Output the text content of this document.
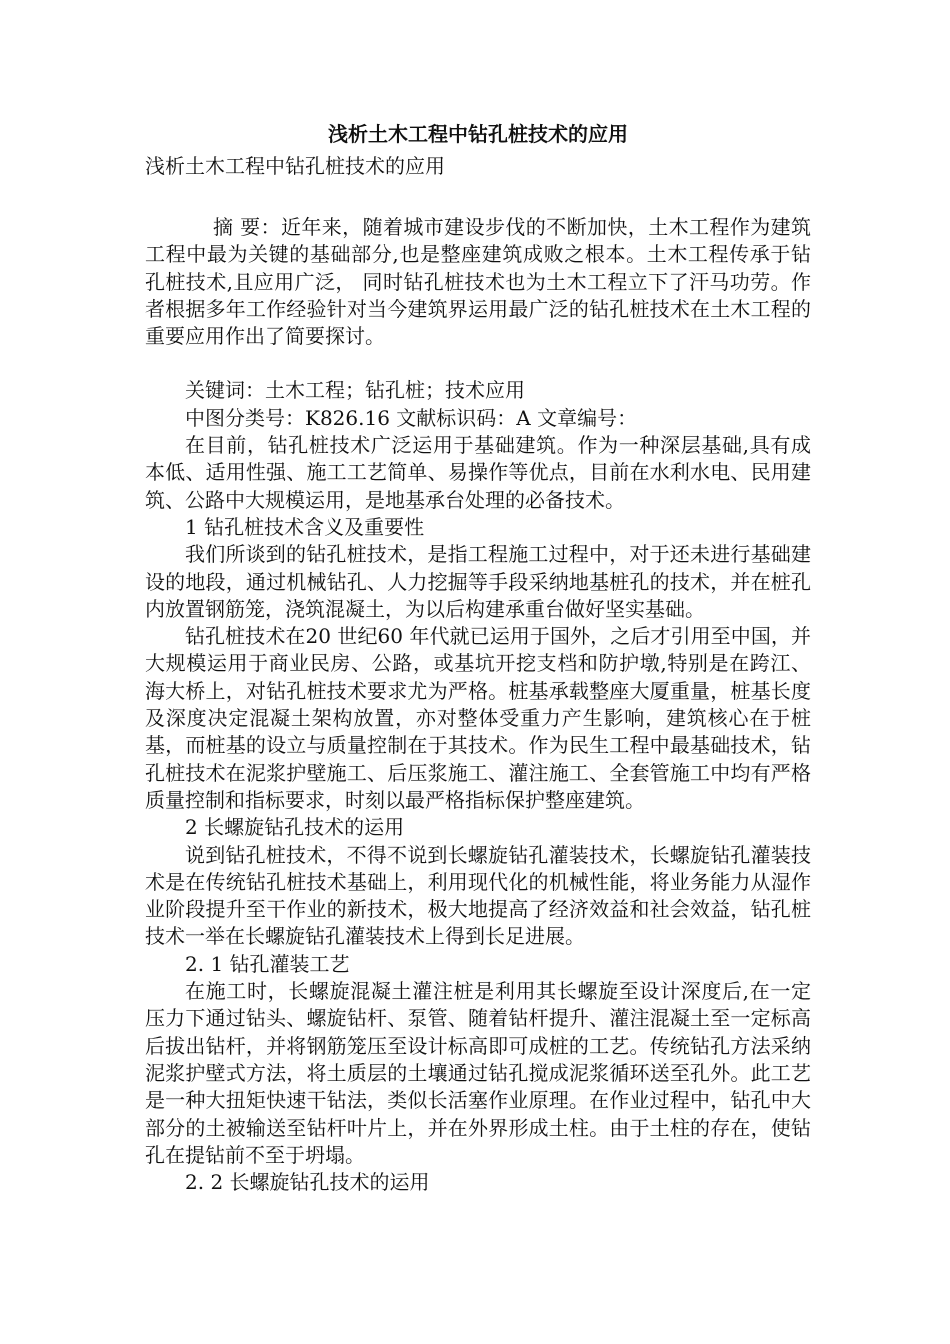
浅析土木工程中钻孔桩技术的应用
浅析土木工程中钻孔桩技术的应用

摘 要：近年来，随着城市建设步伐的不断加快，土木工程作为建筑工程中最为关键的基础部分,也是整座建筑成败之根本。土木工程传承于钻孔桩技术,且应用广泛， 同时钻孔桩技术也为土木工程立下了汗马功劳。作者根据多年工作经验针对当今建筑界运用最广泛的钻孔桩技术在土木工程的重要应用作出了简要探讨。

关键词：土木工程；钻孔桩；技术应用

中图分类号：K826.16 文献标识码：A 文章编号：

在目前，钻孔桩技术广泛运用于基础建筑。作为一种深层基础,具有成本低、适用性强、施工工艺简单、易操作等优点，目前在水利水电、民用建筑、公路中大规模运用，是地基承台处理的必备技术。

1 钻孔桩技术含义及重要性

我们所谈到的钻孔桩技术，是指工程施工过程中，对于还未进行基础建设的地段，通过机械钻孔、人力挖掘等手段采纳地基桩孔的技术，并在桩孔内放置钢筋笼，浇筑混凝土，为以后构建承重台做好坚实基础。

钻孔桩技术在20 世纪60 年代就已运用于国外，之后才引用至中国，并大规模运用于商业民房、公路，或基坑开挖支档和防护墩,特别是在跨江、海大桥上，对钻孔桩技术要求尤为严格。桩基承载整座大厦重量，桩基长度及深度决定混凝土架构放置，亦对整体受重力产生影响，建筑核心在于桩基，而桩基的设立与质量控制在于其技术。作为民生工程中最基础技术，钻孔桩技术在泥浆护壁施工、后压浆施工、灌注施工、全套管施工中均有严格质量控制和指标要求，时刻以最严格指标保护整座建筑。

2 长螺旋钻孔技术的运用

说到钻孔桩技术，不得不说到长螺旋钻孔灌装技术，长螺旋钻孔灌装技术是在传统钻孔桩技术基础上，利用现代化的机械性能，将业务能力从湿作业阶段提升至干作业的新技术，极大地提高了经济效益和社会效益，钻孔桩技术一举在长螺旋钻孔灌装技术上得到长足进展。

2. 1 钻孔灌装工艺

在施工时，长螺旋混凝土灌注桩是利用其长螺旋至设计深度后,在一定压力下通过钻头、螺旋钻杆、泵管、随着钻杆提升、灌注混凝土至一定标高后拔出钻杆，并将钢筋笼压至设计标高即可成桩的工艺。传统钻孔方法采纳泥浆护壁式方法，将土质层的土壤通过钻孔搅成泥浆循环送至孔外。此工艺是一种大扭矩快速干钻法，类似长活塞作业原理。在作业过程中，钻孔中大部分的土被输送至钻杆叶片上，并在外界形成土柱。由于土柱的存在，使钻孔在提钻前不至于坍塌。

2. 2 长螺旋钻孔技术的运用
